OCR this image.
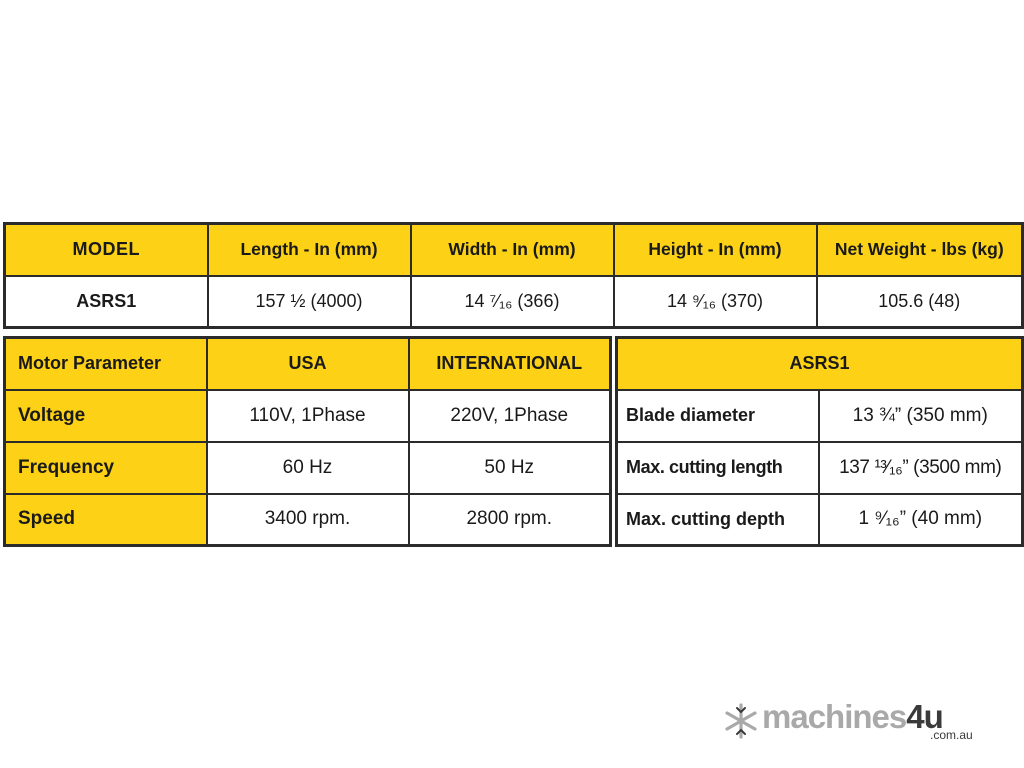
MODEL	Length - In (mm)	Width - In (mm)	Height - In (mm)	Net Weight - lbs (kg)
ASRS1	157 ½ (4000)	14 ⁷⁄₁₆ (366)	14 ⁹⁄₁₆ (370)	105.6 (48)
Motor Parameter	USA	INTERNATIONAL
Voltage	110V, 1Phase	220V, 1Phase
Frequency	60 Hz	50 Hz
Speed	3400 rpm.	2800 rpm.
ASRS1	
Blade diameter	13 ¾” (350 mm)
Max. cutting length	137 ¹³⁄₁₆” (3500 mm)
Max. cutting depth	1 ⁹⁄₁₆” (40 mm)
machines4u
.com.au
